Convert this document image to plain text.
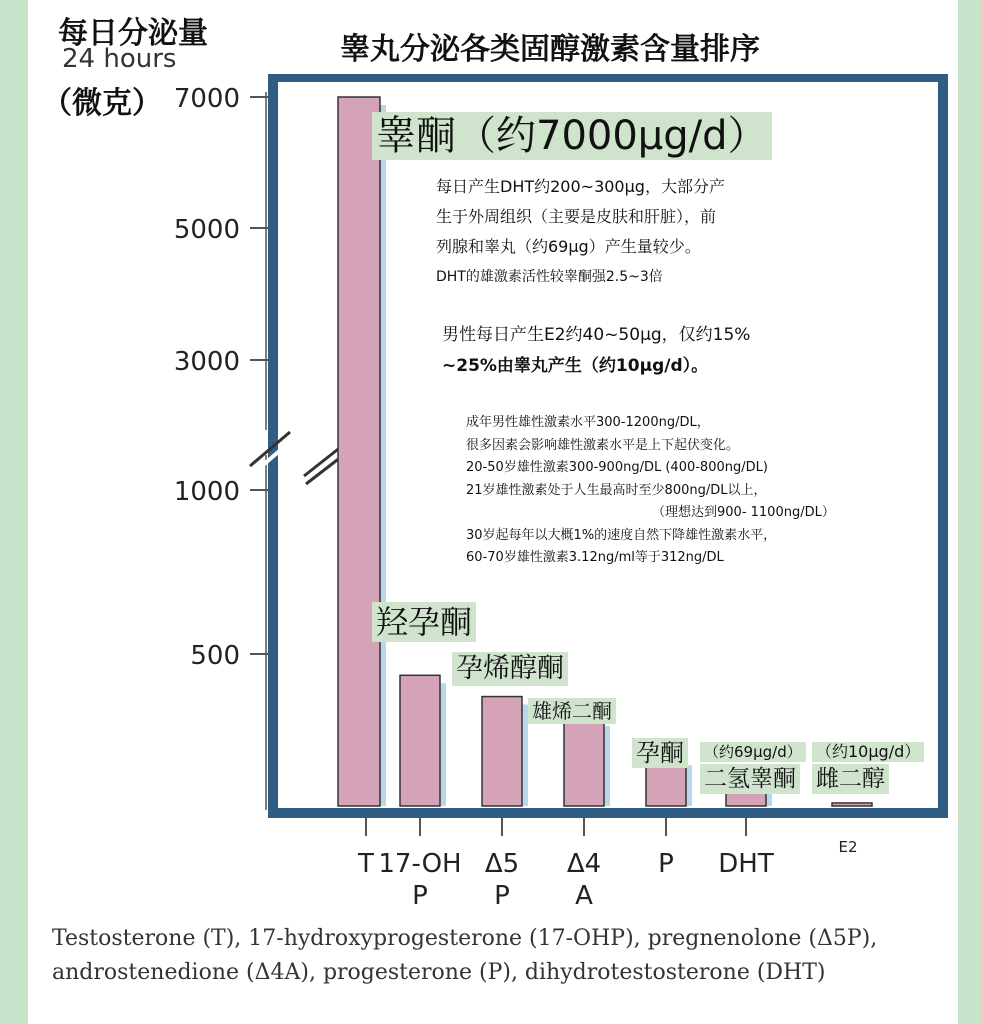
每日分泌量
24 hours
（微克）
睾丸分泌各类固醇激素含量排序
7000
5000
3000
1000
500
T 17-OH
P
Δ5
P
Δ4
A
P DHT
E2
睾酮（约7000μg/d）
羟孕酮
孕烯醇酮
雄烯二酮
孕酮 （约69μg/d）
二氢睾酮
（约10μg/d）
雌二醇
每日产生DHT约200~300μg，大部分产
生于外周组织（主要是皮肤和肝脏），前
列腺和睾丸（约69μg）产生量较少。
DHT的雄激素活性较睾酮强2.5~3倍
男性每日产生E2约40~50μg，仅约15%
~25%由睾丸产生（约10μg/d）。
成年男性雄性激素水平300-1200ng/DL，
很多因素会影响雄性激素水平是上下起伏变化。
20-50岁雄性激素300-900ng/DL (400-800ng/DL)
21岁雄性激素处于人生最高时至少800ng/DL以上，
（理想达到900- 1100ng/DL）
30岁起每年以大概1%的速度自然下降雄性激素水平，
60-70岁雄性激素3.12ng/ml等于312ng/DL
Testosterone (T), 17-hydroxyprogesterone (17-OHP), pregnenolone (Δ5P),
androstenedione (Δ4A), progesterone (P), dihydrotestosterone (DHT)
